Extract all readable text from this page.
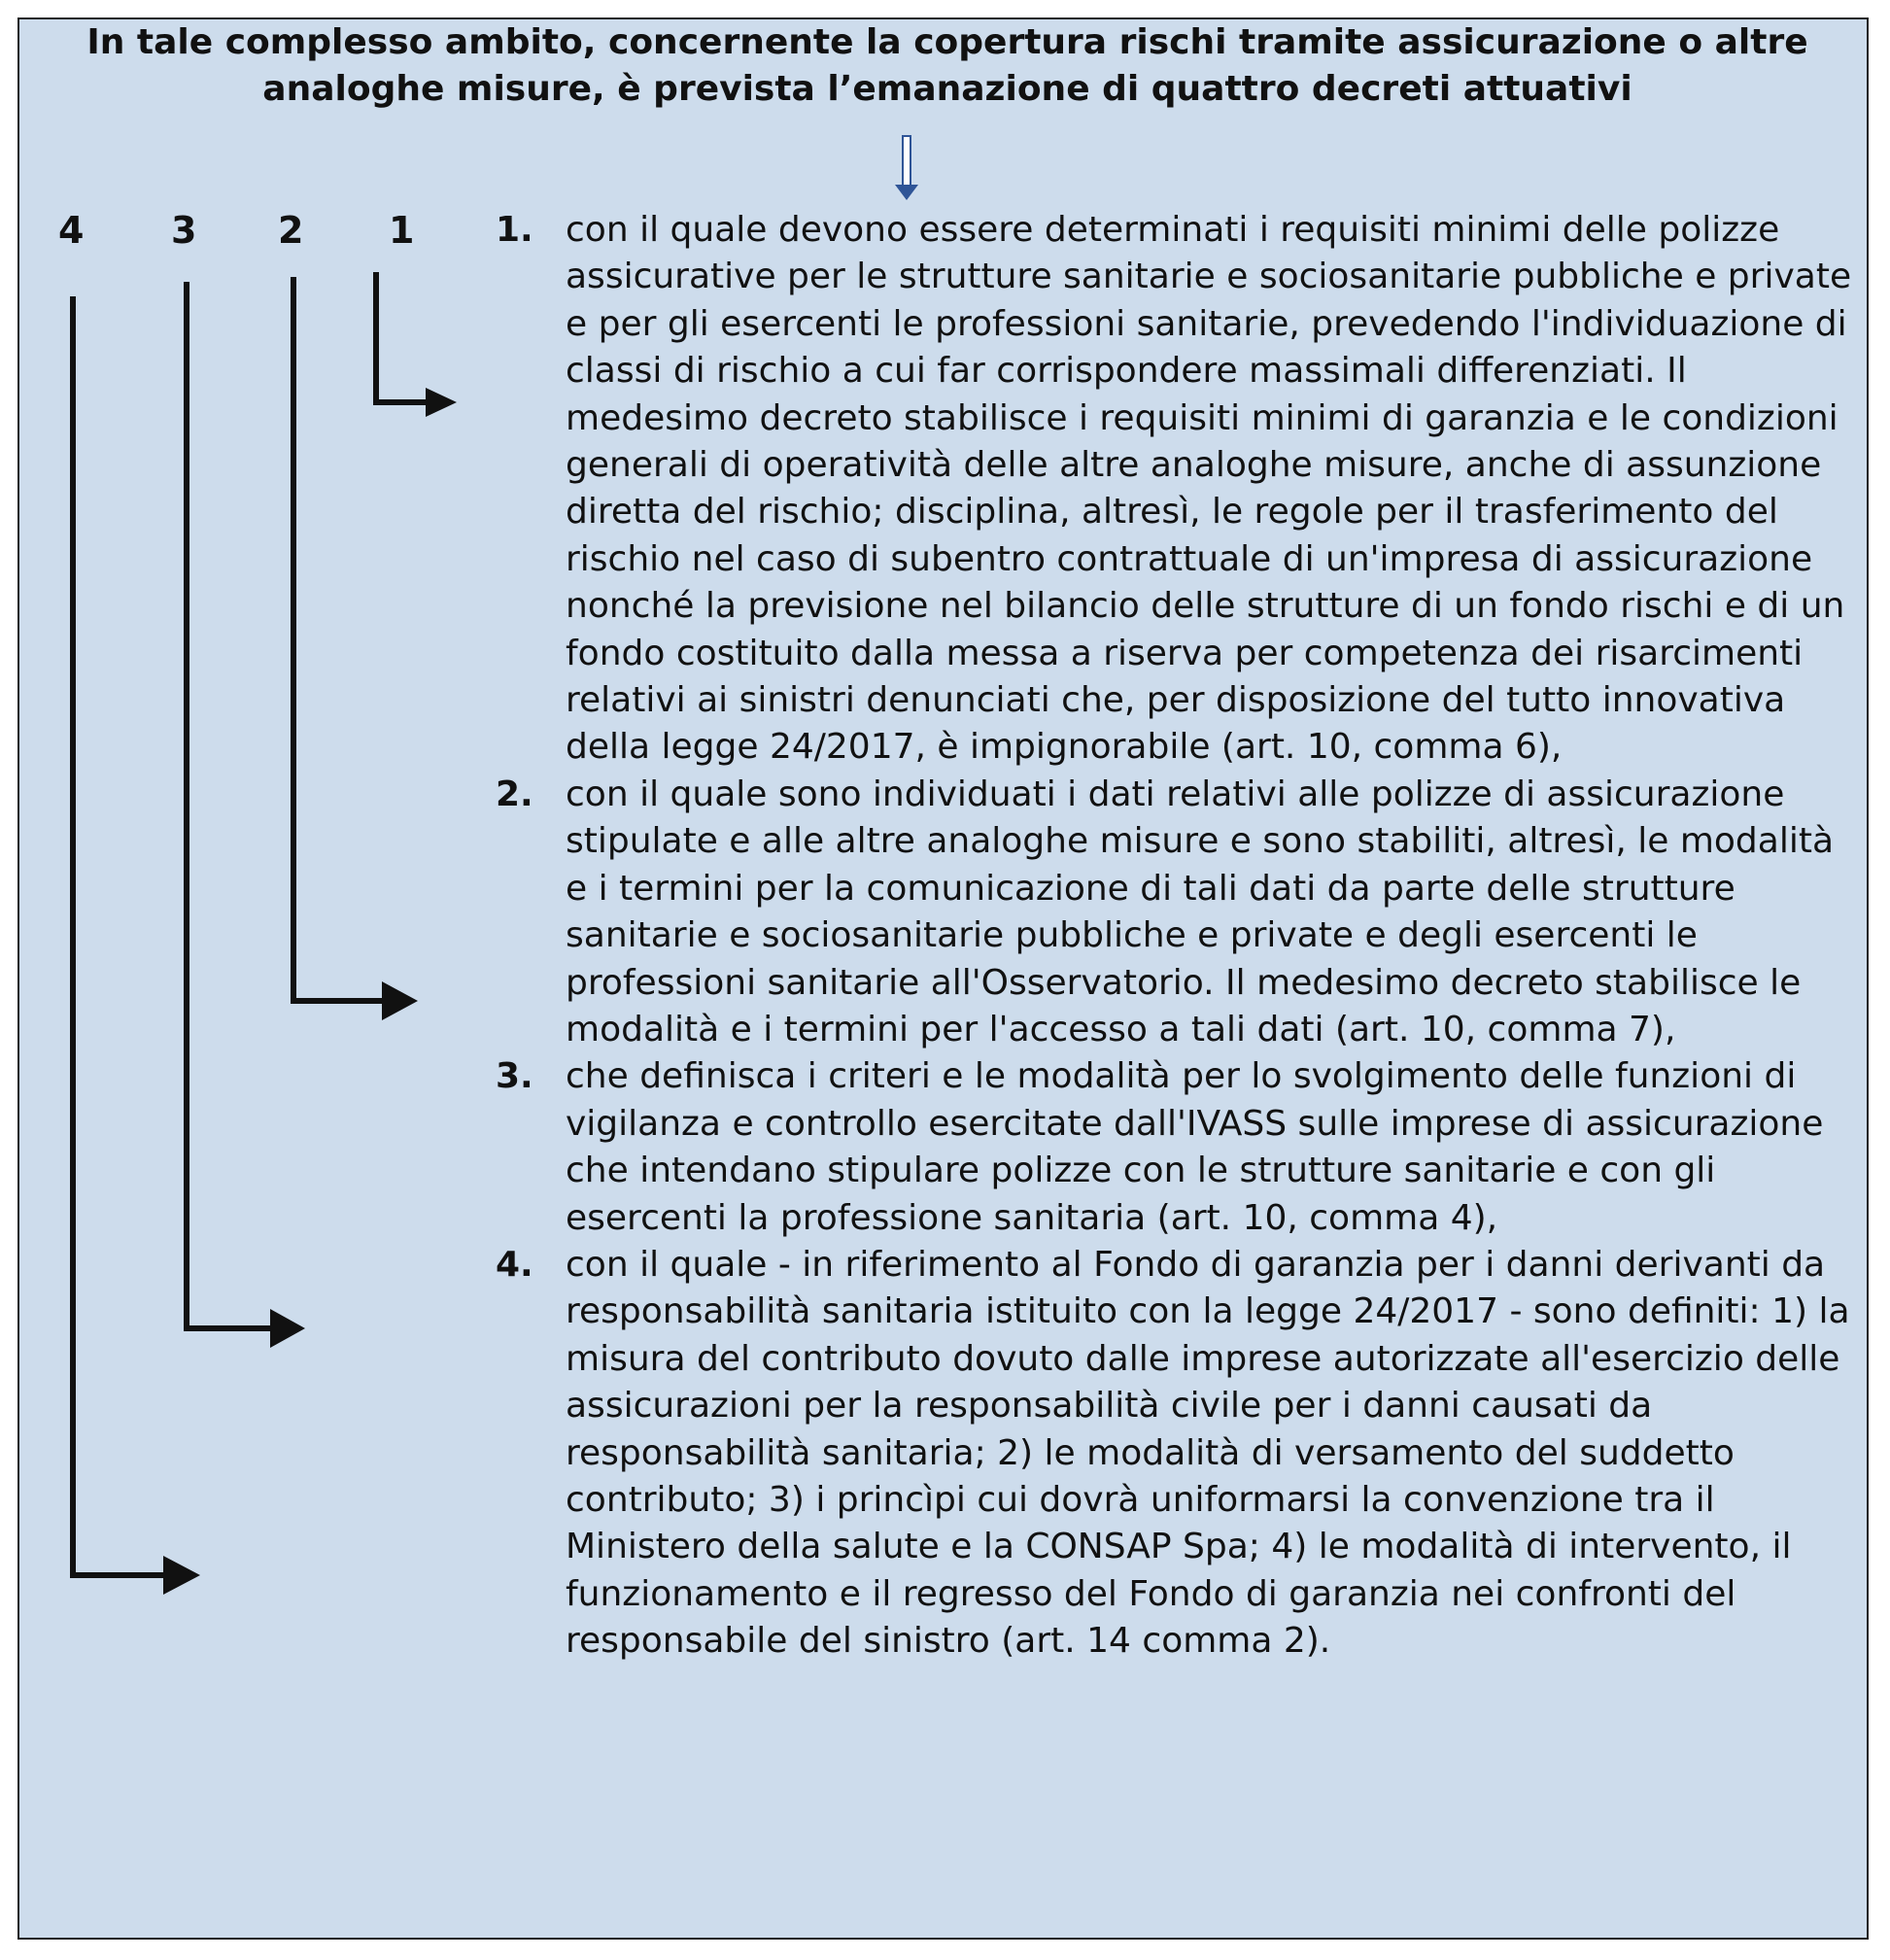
In tale complesso ambito, concernente la copertura rischi tramite assicurazione o altre analoghe misure, è prevista l’emanazione di quattro decreti attuativi
4 3 2 1 1. con il quale devono essere determinati i requisiti minimi delle polizze assicurative per le strutture sanitarie e sociosanitarie pubbliche e private e per gli esercenti le professioni sanitarie, prevedendo l'individuazione di classi di rischio a cui far corrispondere massimali differenziati. Il medesimo decreto stabilisce i requisiti minimi di garanzia e le condizioni generali di operatività delle altre analoghe misure, anche di assunzione diretta del rischio; disciplina, altresì, le regole per il trasferimento del rischio nel caso di subentro contrattuale di un'impresa di assicurazione nonché la previsione nel bilancio delle strutture di un fondo rischi e di un fondo costituito dalla messa a riserva per competenza dei risarcimenti relativi ai sinistri denunciati che, per disposizione del tutto innovativa della legge 24/2017, è impignorabile (art. 10, comma 6),
2. con il quale sono individuati i dati relativi alle polizze di assicurazione stipulate e alle altre analoghe misure e sono stabiliti, altresì, le modalità e i termini per la comunicazione di tali dati da parte delle strutture sanitarie e sociosanitarie pubbliche e private e degli esercenti le professioni sanitarie all'Osservatorio. Il medesimo decreto stabilisce le modalità e i termini per l'accesso a tali dati (art. 10, comma 7),
3. che definisca i criteri e le modalità per lo svolgimento delle funzioni di vigilanza e controllo esercitate dall'IVASS sulle imprese di assicurazione che intendano stipulare polizze con le strutture sanitarie e con gli esercenti la professione sanitaria (art. 10, comma 4),
4. con il quale - in riferimento al Fondo di garanzia per i danni derivanti da responsabilità sanitaria istituito con la legge 24/2017 - sono definiti: 1) la misura del contributo dovuto dalle imprese autorizzate all'esercizio delle assicurazioni per la responsabilità civile per i danni causati da responsabilità sanitaria; 2) le modalità di versamento del suddetto contributo; 3) i princìpi cui dovrà uniformarsi la convenzione tra il Ministero della salute e la CONSAP Spa; 4) le modalità di intervento, il funzionamento e il regresso del Fondo di garanzia nei confronti del responsabile del sinistro (art. 14 comma 2).
